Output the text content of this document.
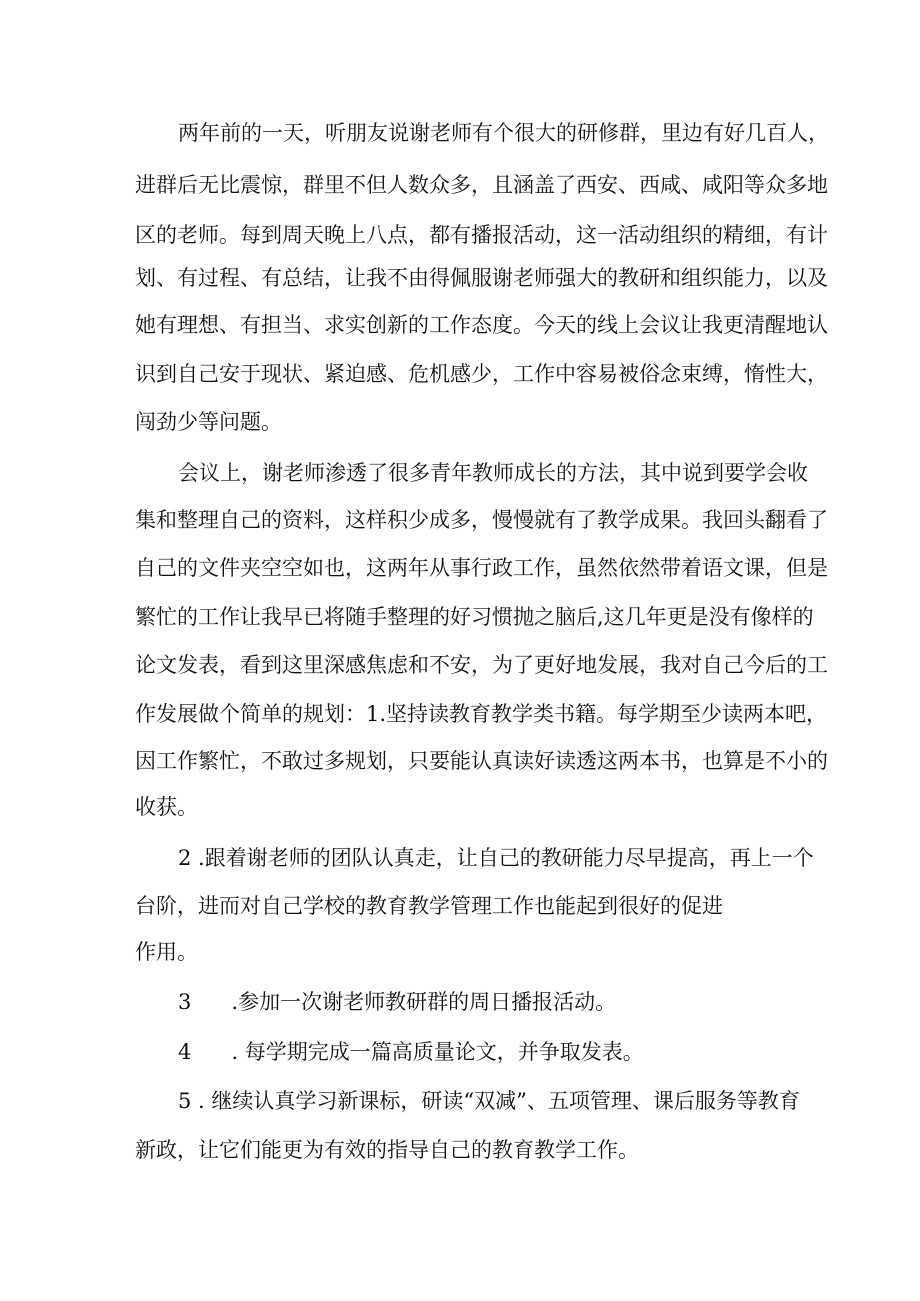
两年前的一天，听朋友说谢老师有个很大的研修群，里边有好几百人，

进群后无比震惊，群里不但人数众多，且涵盖了西安、西咸、咸阳等众多地

区的老师。每到周天晚上八点，都有播报活动，这一活动组织的精细，有计

划、有过程、有总结，让我不由得佩服谢老师强大的教研和组织能力，以及

她有理想、有担当、求实创新的工作态度。今天的线上会议让我更清醒地认

识到自己安于现状、紧迫感、危机感少，工作中容易被俗念束缚，惰性大，

闯劲少等问题。

会议上，谢老师渗透了很多青年教师成长的方法，其中说到要学会收

集和整理自己的资料，这样积少成多，慢慢就有了教学成果。我回头翻看了

自己的文件夹空空如也，这两年从事行政工作，虽然依然带着语文课，但是

繁忙的工作让我早已将随手整理的好习惯抛之脑后,这几年更是没有像样的

论文发表，看到这里深感焦虑和不安，为了更好地发展，我对自己今后的工

作发展做个简单的规划：1.坚持读教育教学类书籍。每学期至少读两本吧，

因工作繁忙，不敢过多规划，只要能认真读好读透这两本书，也算是不小的

收获。

2 .跟着谢老师的团队认真走，让自己的教研能力尽早提高，再上一个

台阶，进而对自己学校的教育教学管理工作也能起到很好的促进

作用。

3      .参加一次谢老师教研群的周日播报活动。

4      . 每学期完成一篇高质量论文，并争取发表。

5 . 继续认真学习新课标，研读“双减”、五项管理、课后服务等教育

新政，让它们能更为有效的指导自己的教育教学工作。
